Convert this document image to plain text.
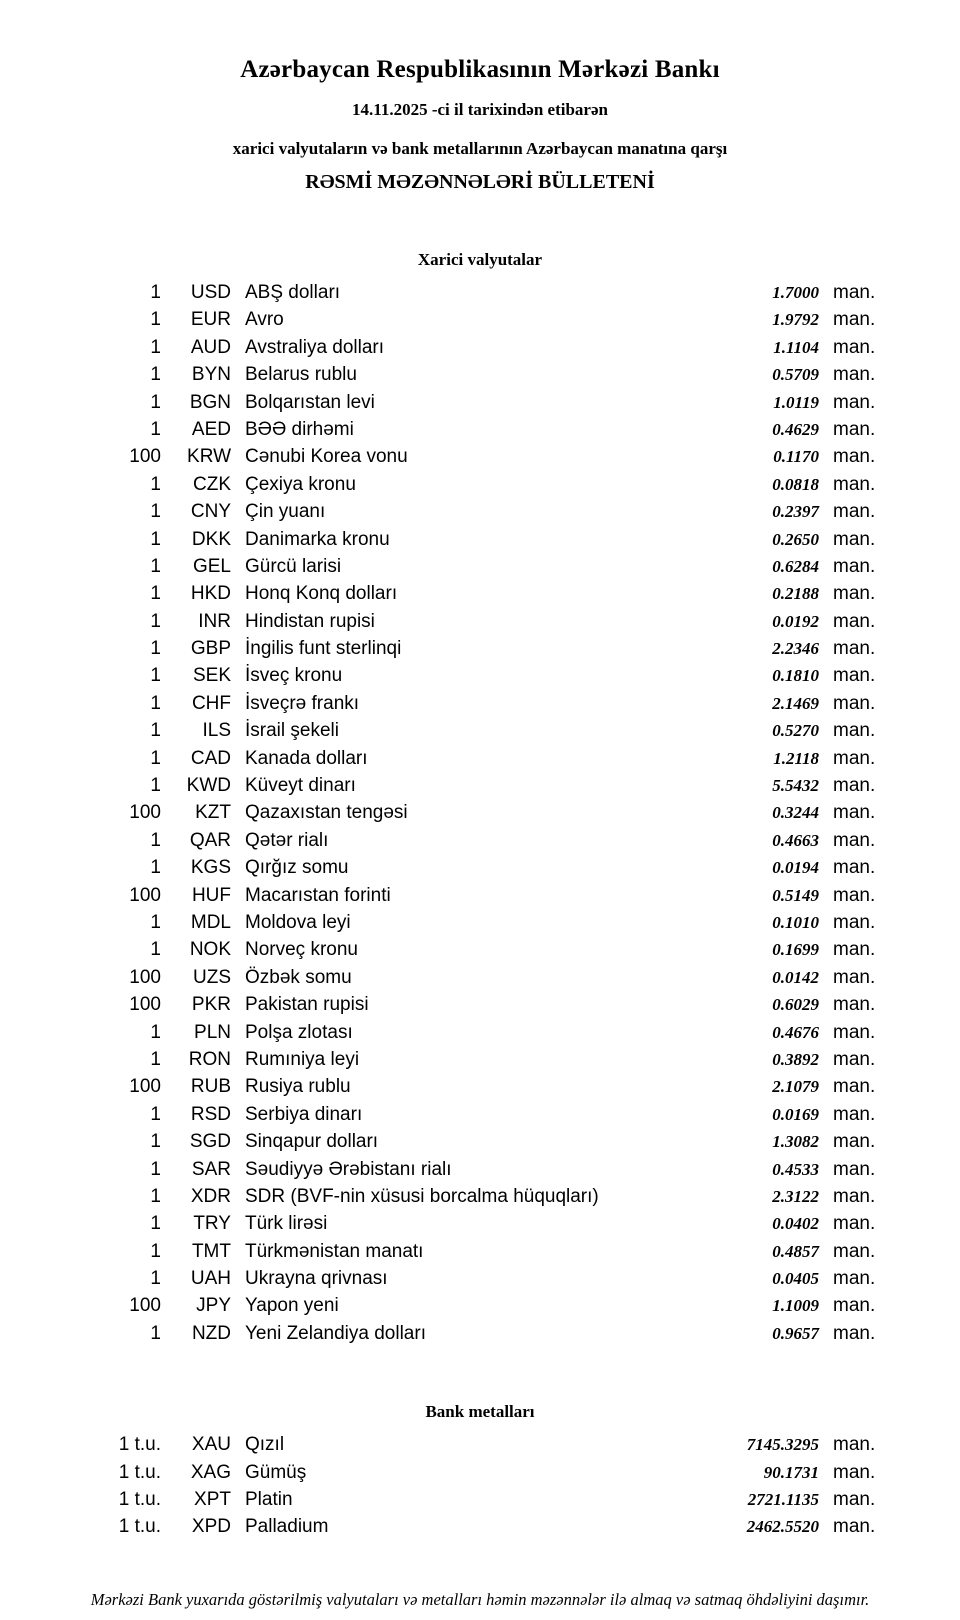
Azərbaycan Respublikasının Mərkəzi Bankı
14.11.2025 -ci il tarixindən etibarən
xarici valyutaların və bank metallarının Azərbaycan manatına qarşı
RƏSMİ MƏZƏNNƏLƏRİ BÜLLETENİ
Xarici valyutalar
1	USD	ABŞ dolları	1.7000	man.
1	EUR	Avro	1.9792	man.
1	AUD	Avstraliya dolları	1.1104	man.
1	BYN	Belarus rublu	0.5709	man.
1	BGN	Bolqarıstan levi	1.0119	man.
1	AED	BƏƏ dirhəmi	0.4629	man.
100	KRW	Cənubi Korea vonu	0.1170	man.
1	CZK	Çexiya kronu	0.0818	man.
1	CNY	Çin yuanı	0.2397	man.
1	DKK	Danimarka kronu	0.2650	man.
1	GEL	Gürcü larisi	0.6284	man.
1	HKD	Honq Konq dolları	0.2188	man.
1	INR	Hindistan rupisi	0.0192	man.
1	GBP	İngilis funt sterlinqi	2.2346	man.
1	SEK	İsveç kronu	0.1810	man.
1	CHF	İsveçrə frankı	2.1469	man.
1	ILS	İsrail şekeli	0.5270	man.
1	CAD	Kanada dolları	1.2118	man.
1	KWD	Küveyt dinarı	5.5432	man.
100	KZT	Qazaxıstan tengəsi	0.3244	man.
1	QAR	Qətər rialı	0.4663	man.
1	KGS	Qırğız somu	0.0194	man.
100	HUF	Macarıstan forinti	0.5149	man.
1	MDL	Moldova leyi	0.1010	man.
1	NOK	Norveç kronu	0.1699	man.
100	UZS	Özbək somu	0.0142	man.
100	PKR	Pakistan rupisi	0.6029	man.
1	PLN	Polşa zlotası	0.4676	man.
1	RON	Rumıniya leyi	0.3892	man.
100	RUB	Rusiya rublu	2.1079	man.
1	RSD	Serbiya dinarı	0.0169	man.
1	SGD	Sinqapur dolları	1.3082	man.
1	SAR	Səudiyyə Ərəbistanı rialı	0.4533	man.
1	XDR	SDR (BVF-nin xüsusi borcalma hüquqları)	2.3122	man.
1	TRY	Türk lirəsi	0.0402	man.
1	TMT	Türkmənistan manatı	0.4857	man.
1	UAH	Ukrayna qrivnası	0.0405	man.
100	JPY	Yapon yeni	1.1009	man.
1	NZD	Yeni Zelandiya dolları	0.9657	man.
Bank metalları
1 t.u.	XAU	Qızıl	7145.3295	man.
1 t.u.	XAG	Gümüş	90.1731	man.
1 t.u.	XPT	Platin	2721.1135	man.
1 t.u.	XPD	Palladium	2462.5520	man.
Mərkəzi Bank yuxarıda göstərilmiş valyutaları və metalları həmin məzənnələr ilə almaq və satmaq öhdəliyini daşımır.
